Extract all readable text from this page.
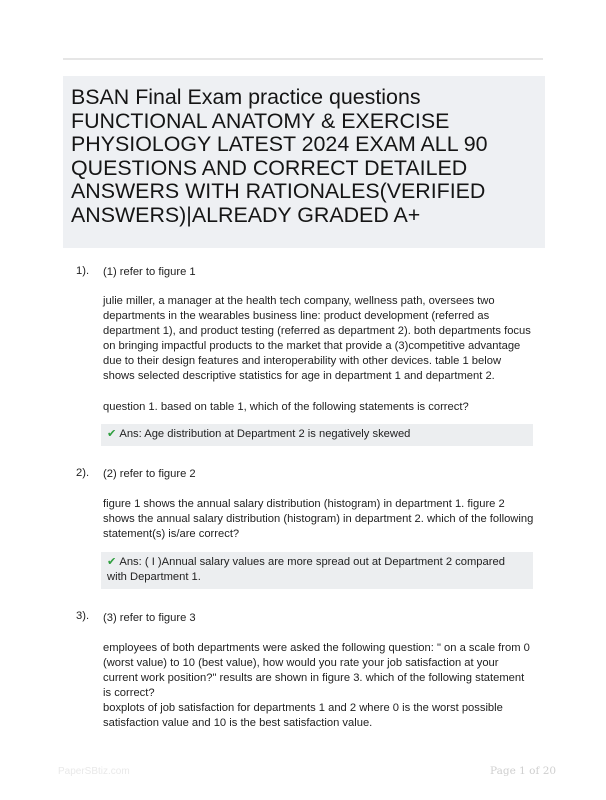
BSAN Final Exam practice questions
FUNCTIONAL ANATOMY & EXERCISE
PHYSIOLOGY LATEST 2024 EXAM ALL 90
QUESTIONS AND CORRECT DETAILED
ANSWERS WITH RATIONALES(VERIFIED
ANSWERS)|ALREADY GRADED A+
1). (1) refer to figure 1

julie miller, a manager at the health tech company, wellness path, oversees two departments in the wearables business line: product development (referred as department 1), and product testing (referred as department 2). both departments focus on bringing impactful products to the market that provide a (3)competitive advantage due to their design features and interoperability with other devices. table 1 below shows selected descriptive statistics for age in department 1 and department 2.

question 1. based on table 1, which of the following statements is correct?

✔ Ans: Age distribution at Department 2 is negatively skewed
2). (2) refer to figure 2

figure 1 shows the annual salary distribution (histogram) in department 1. figure 2 shows the annual salary distribution (histogram) in department 2. which of the following statement(s) is/are correct?

✔ Ans: ( I )Annual salary values are more spread out at Department 2 compared with Department 1.
3). (3) refer to figure 3

employees of both departments were asked the following question: " on a scale from 0 (worst value) to 10 (best value), how would you rate your job satisfaction at your current work position?" results are shown in figure 3. which of the following statement is correct?

boxplots of job satisfaction for departments 1 and 2 where 0 is the worst possible satisfaction value and 10 is the best satisfaction value.

PaperSBtiz.com	Page 1 of 20
